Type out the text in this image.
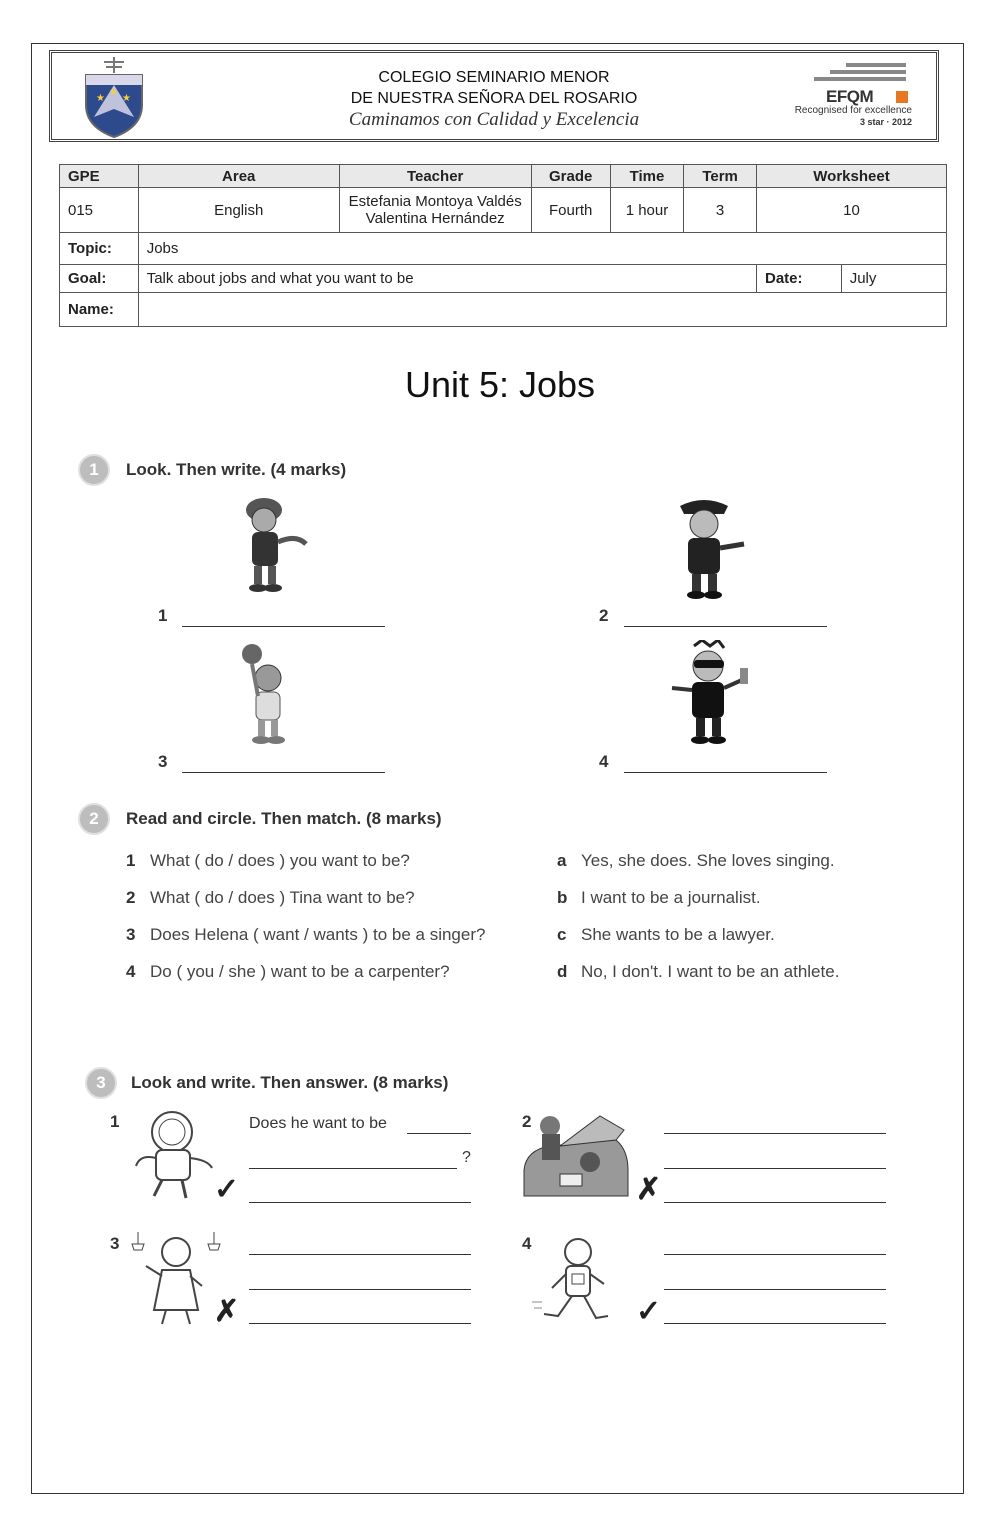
★ ★
★
COLEGIO SEMINARIO MENOR
DE NUESTRA SEÑORA DEL ROSARIO
Caminamos con Calidad y Excelencia
EFQM
Recognised for excellence
3 star · 2012
GPE	Area	Teacher	Grade	Time	Term	Worksheet	
015	English	Estefania Montoya Valdés
Valentina Hernández	Fourth	1 hour	3	10	
Topic:	Jobs						
Goal:	Talk about jobs and what you want to be					Date:	July
Name:							
Unit 5: Jobs
1	Look. Then write. (4 marks)
1	2
3	4
2	Read and circle. Then match. (8 marks)
1 What ( do / does ) you want to be?
2 What ( do / does ) Tina want to be?
3 Does Helena ( want / wants ) to be a singer?
4 Do ( you / she ) want to be a carpenter?
a Yes, she does. She loves singing.
b I want to be a journalist.
c She wants to be a lawyer.
d No, I don't. I want to be an athlete.
3	Look and write. Then answer. (8 marks)
1	Does he want to be
?
✓
2
✗
3
✗
4
✓
